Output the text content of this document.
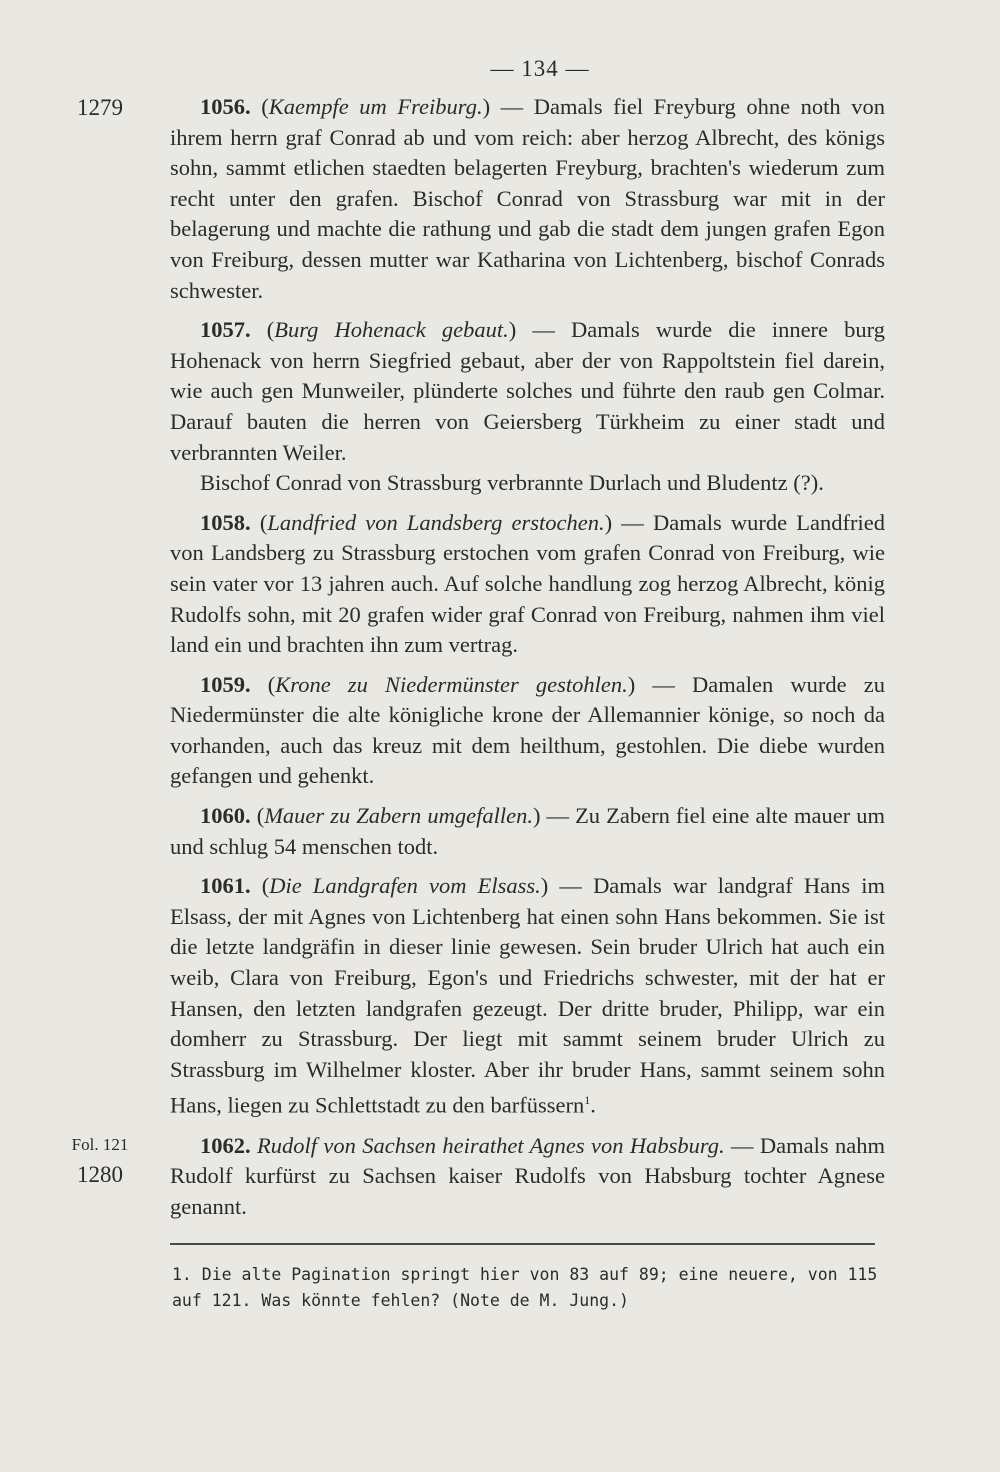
— 134 —
1279
Fol. 121
1280

1056. (Kaempfe um Freiburg.) — Damals fiel Freyburg ohne noth von ihrem herrn graf Conrad ab und vom reich: aber herzog Albrecht, des königs sohn, sammt etlichen staedten belagerten Freyburg, brachten's wiederum zum recht unter den grafen. Bischof Conrad von Strassburg war mit in der belagerung und machte die rathung und gab die stadt dem jungen grafen Egon von Freiburg, dessen mutter war Katharina von Lichtenberg, bischof Conrads schwester.

1057. (Burg Hohenack gebaut.) — Damals wurde die innere burg Hohenack von herrn Siegfried gebaut, aber der von Rappoltstein fiel darein, wie auch gen Munweiler, plünderte solches und führte den raub gen Colmar. Darauf bauten die herren von Geiersberg Türkheim zu einer stadt und verbrannten Weiler.

Bischof Conrad von Strassburg verbrannte Durlach und Bludentz (?).

1058. (Landfried von Landsberg erstochen.) — Damals wurde Landfried von Landsberg zu Strassburg erstochen vom grafen Conrad von Freiburg, wie sein vater vor 13 jahren auch. Auf solche handlung zog herzog Albrecht, könig Rudolfs sohn, mit 20 grafen wider graf Conrad von Freiburg, nahmen ihm viel land ein und brachten ihn zum vertrag.

1059. (Krone zu Niedermünster gestohlen.) — Damalen wurde zu Niedermünster die alte königliche krone der Allemannier könige, so noch da vorhanden, auch das kreuz mit dem heilthum, gestohlen. Die diebe wurden gefangen und gehenkt.

1060. (Mauer zu Zabern umgefallen.) — Zu Zabern fiel eine alte mauer um und schlug 54 menschen todt.

1061. (Die Landgrafen vom Elsass.) — Damals war landgraf Hans im Elsass, der mit Agnes von Lichtenberg hat einen sohn Hans bekommen. Sie ist die letzte landgräfin in dieser linie gewesen. Sein bruder Ulrich hat auch ein weib, Clara von Freiburg, Egon's und Friedrichs schwester, mit der hat er Hansen, den letzten landgrafen gezeugt. Der dritte bruder, Philipp, war ein domherr zu Strassburg. Der liegt mit sammt seinem bruder Ulrich zu Strassburg im Wilhelmer kloster. Aber ihr bruder Hans, sammt seinem sohn Hans, liegen zu Schlettstadt zu den barfüssern$^1$.

1062. Rudolf von Sachsen heirathet Agnes von Habsburg. — Damals nahm Rudolf kurfürst zu Sachsen kaiser Rudolfs von Habsburg tochter Agnese genannt.

1. Die alte Pagination springt hier von 83 auf 89; eine neuere, von 115 auf 121. Was könnte fehlen? (Note de M. Jung.)
